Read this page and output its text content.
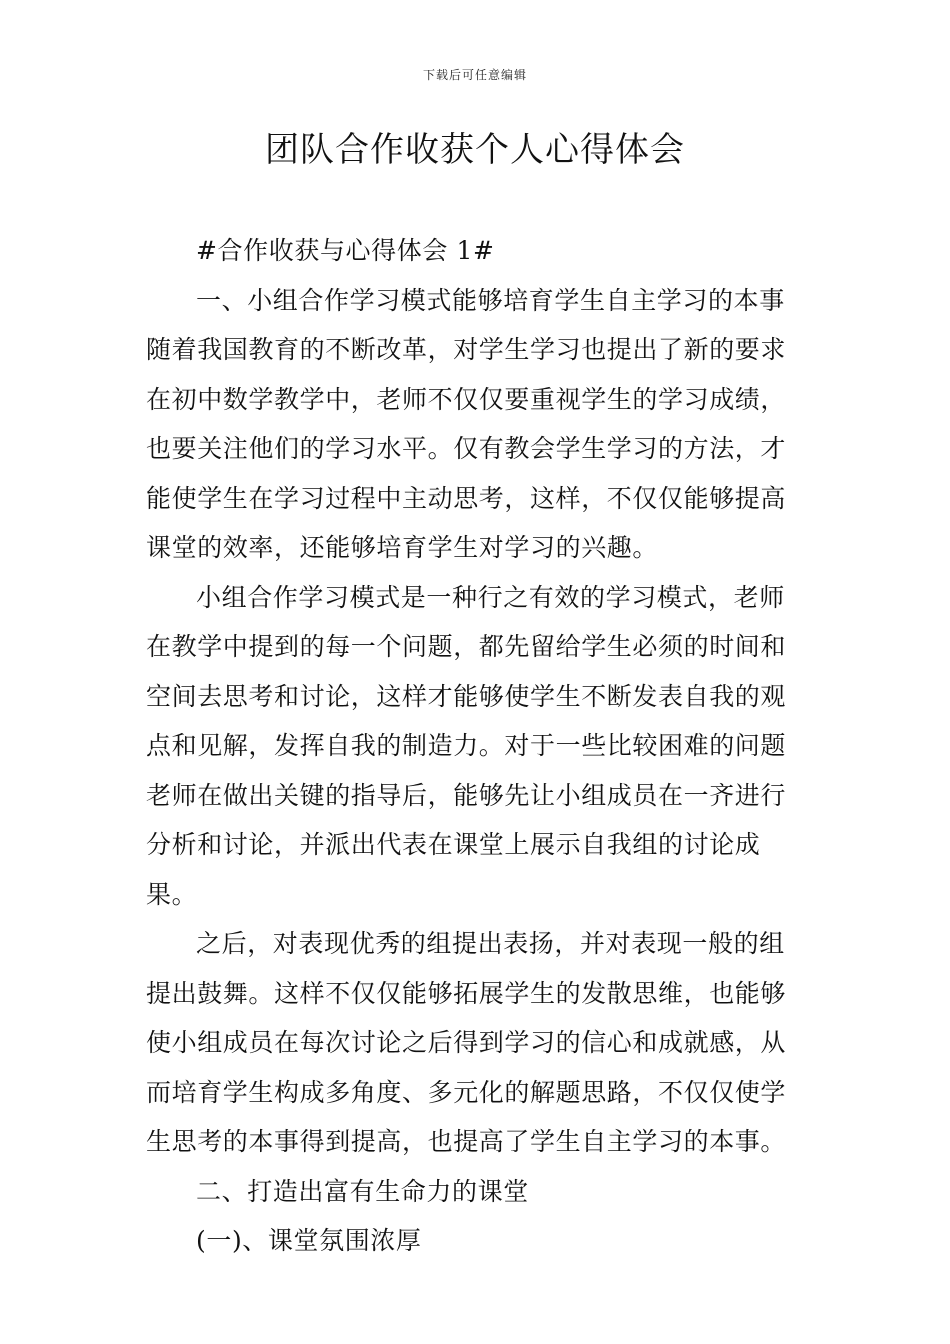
下载后可任意编辑
团队合作收获个人心得体会

#合作收获与心得体会 1#

一、小组合作学习模式能够培育学生自主学习的本事随着我国教育的不断改革，对学生学习也提出了新的要求在初中数学教学中，老师不仅仅要重视学生的学习成绩，也要关注他们的学习水平。仅有教会学生学习的方法，才能使学生在学习过程中主动思考，这样，不仅仅能够提高课堂的效率，还能够培育学生对学习的兴趣。

小组合作学习模式是一种行之有效的学习模式，老师在教学中提到的每一个问题，都先留给学生必须的时间和空间去思考和讨论，这样才能够使学生不断发表自我的观点和见解，发挥自我的制造力。对于一些比较困难的问题老师在做出关键的指导后，能够先让小组成员在一齐进行分析和讨论，并派出代表在课堂上展示自我组的讨论成果。

之后，对表现优秀的组提出表扬，并对表现一般的组提出鼓舞。这样不仅仅能够拓展学生的发散思维，也能够使小组成员在每次讨论之后得到学习的信心和成就感，从而培育学生构成多角度、多元化的解题思路，不仅仅使学生思考的本事得到提高，也提高了学生自主学习的本事。

二、打造出富有生命力的课堂

(一)、课堂氛围浓厚
